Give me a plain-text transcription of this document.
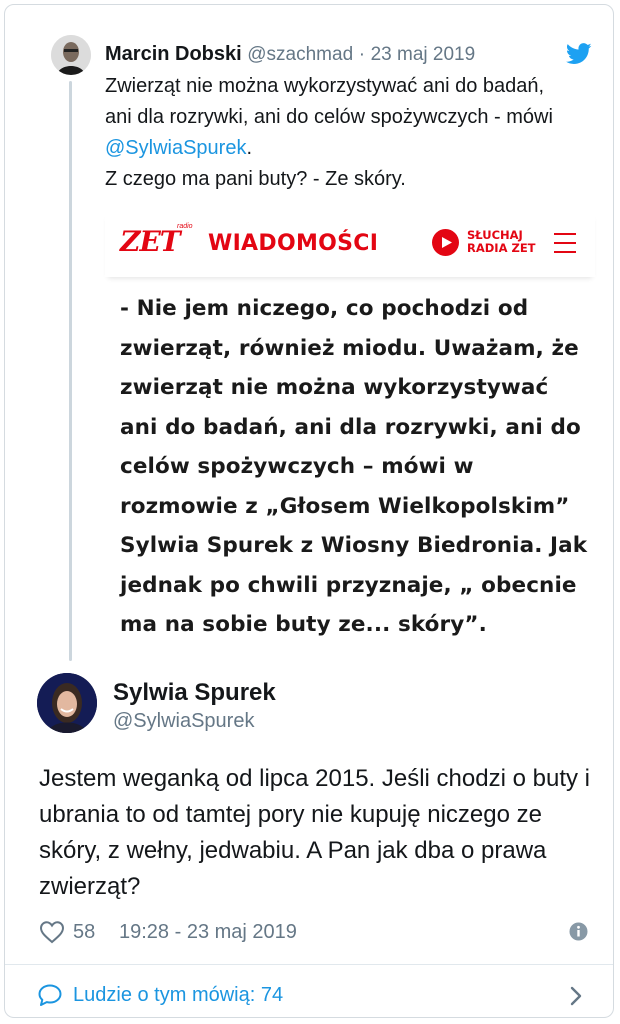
Marcin Dobski @szachmad · 23 maj 2019
Zwierząt nie można wykorzystywać ani do badań, ani dla rozrywki, ani do celów spożywczych - mówi @SylwiaSpurek.
Z czego ma pani buty? - Ze skóry.
ZET
radio
WIADOMOŚCI	SŁUCHAJ
RADIA ZET
- Nie jem niczego, co pochodzi od zwierząt, również miodu. Uważam, że zwierząt nie można wykorzystywać ani do badań, ani dla rozrywki, ani do celów spożywczych – mówi w rozmowie z „Głosem Wielkopolskim” Sylwia Spurek z Wiosny Biedronia. Jak jednak po chwili przyznaje, „ obecnie ma na sobie buty ze... skóry”.
Sylwia Spurek
@SylwiaSpurek
Jestem weganką od lipca 2015. Jeśli chodzi o buty i ubrania to od tamtej pory nie kupuję niczego ze skóry, z wełny, jedwabiu. A Pan jak dba o prawa zwierząt?
58 19:28 - 23 maj 2019
Ludzie o tym mówią: 74
